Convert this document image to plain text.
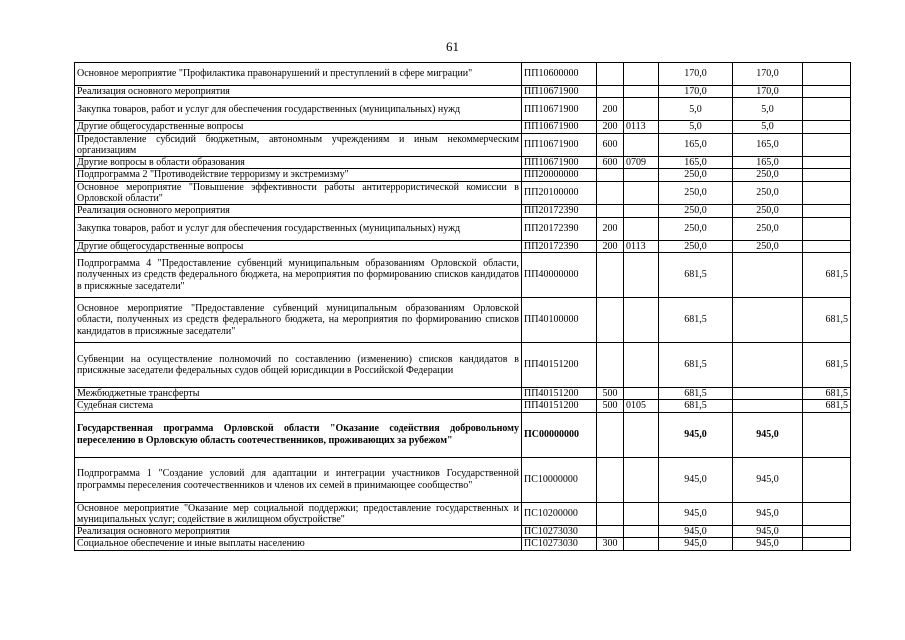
61
Основное мероприятие "Профилактика правонарушений и преступлений в сфере миграции"	ПП10600000			170,0	170,0	
Реализация основного мероприятия	ПП10671900			170,0	170,0	
Закупка товаров, работ и услуг для обеспечения государственных (муниципальных) нужд	ПП10671900	200		5,0	5,0	
Другие общегосударственные вопросы	ПП10671900	200	0113	5,0	5,0	
Предоставление субсидий бюджетным, автономным учреждениям и иным некоммерческим организациям	ПП10671900	600		165,0	165,0	
Другие вопросы в области образования	ПП10671900	600	0709	165,0	165,0	
Подпрограмма 2 "Противодействие терроризму и экстремизму"	ПП20000000			250,0	250,0	
Основное мероприятие "Повышение эффективности работы антитеррористической комиссии в Орловской области"	ПП20100000			250,0	250,0	
Реализация основного мероприятия	ПП20172390			250,0	250,0	
Закупка товаров, работ и услуг для обеспечения государственных (муниципальных) нужд	ПП20172390	200		250,0	250,0	
Другие общегосударственные вопросы	ПП20172390	200	0113	250,0	250,0	
Подпрограмма 4 "Предоставление субвенций муниципальным образованиям Орловской области, полученных из средств федерального бюджета, на мероприятия по формированию списков кандидатов в присяжные заседатели"	ПП40000000			681,5		681,5
Основное мероприятие "Предоставление субвенций муниципальным образованиям Орловской области, полученных из средств федерального бюджета, на мероприятия по формированию списков кандидатов в присяжные заседатели"	ПП40100000			681,5		681,5
Субвенции на осуществление полномочий по составлению (изменению) списков кандидатов в присяжные заседатели федеральных судов общей юрисдикции в Российской Федерации	ПП40151200			681,5		681,5
Межбюджетные трансферты	ПП40151200	500		681,5		681,5
Судебная система	ПП40151200	500	0105	681,5		681,5
Государственная программа Орловской области "Оказание содействия добровольному переселению в Орловскую область соотечественников, проживающих за рубежом"	ПС00000000			945,0	945,0	
Подпрограмма 1 "Создание условий для адаптации и интеграции участников Государственной программы переселения соотечественников и членов их семей в принимающее сообщество"	ПС10000000			945,0	945,0	
Основное мероприятие "Оказание мер социальной поддержки; предоставление государственных и муниципальных услуг; содействие в жилищном обустройстве"	ПС10200000			945,0	945,0	
Реализация основного мероприятия	ПС10273030			945,0	945,0	
Социальное обеспечение и иные выплаты населению	ПС10273030	300		945,0	945,0	
